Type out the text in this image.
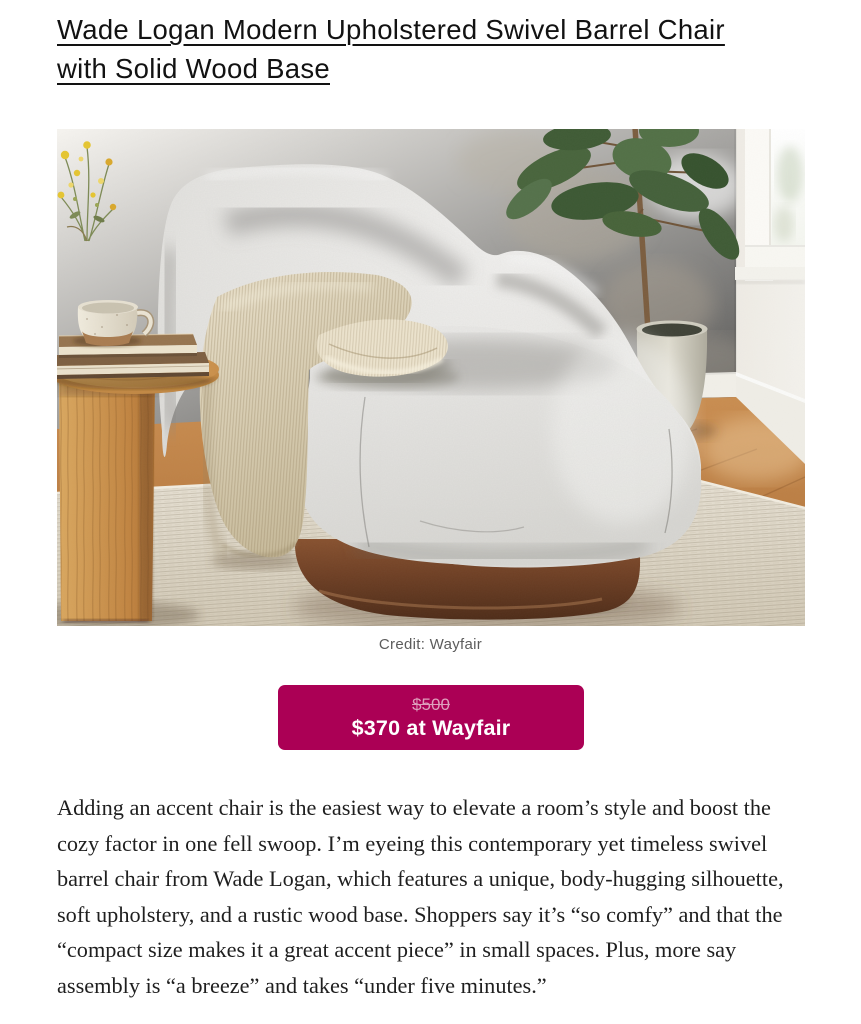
Wade Logan Modern Upholstered Swivel Barrel Chair
with Solid Wood Base
Credit: Wayfair
$500
$370 at Wayfair

Adding an accent chair is the easiest way to elevate a room’s style and boost the cozy factor in one fell swoop. I’m eyeing this contemporary yet timeless swivel barrel chair from Wade Logan, which features a unique, body-hugging silhouette, soft upholstery, and a rustic wood base. Shoppers say it’s “so comfy” and that the “compact size makes it a great accent piece” in small spaces. Plus, more say assembly is “a breeze” and takes “under five minutes.”
